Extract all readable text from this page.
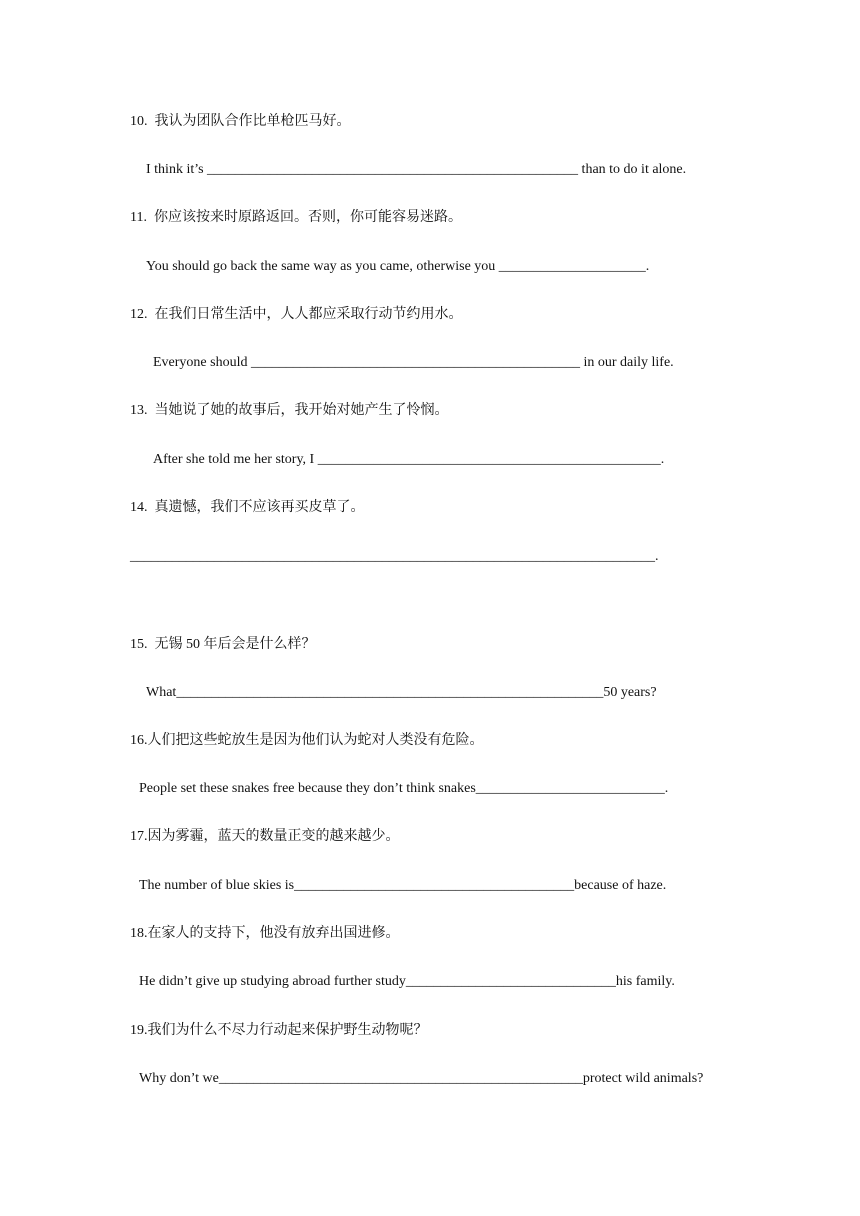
10.  我认为团队合作比单枪匹马好。
I think it’s _____________________________________________________ than to do it alone.
11.  你应该按来时原路返回。否则，你可能容易迷路。
You should go back the same way as you came, otherwise you _____________________.
12.  在我们日常生活中，人人都应采取行动节约用水。
Everyone should _______________________________________________ in our daily life.
13.  当她说了她的故事后，我开始对她产生了怜悯。
After she told me her story, I _________________________________________________.
14.  真遗憾，我们不应该再买皮草了。
___________________________________________________________________________.
15.  无锡 50 年后会是什么样？
What_____________________________________________________________50 years?
16.人们把这些蛇放生是因为他们认为蛇对人类没有危险。
People set these snakes free because they don’t think snakes___________________________.
17.因为雾霾，蓝天的数量正变的越来越少。
The number of blue skies is________________________________________because of haze.
18.在家人的支持下，他没有放弃出国进修。
He didn’t give up studying abroad further study______________________________his family.
19.我们为什么不尽力行动起来保护野生动物呢？
Why don’t we____________________________________________________protect wild animals?
